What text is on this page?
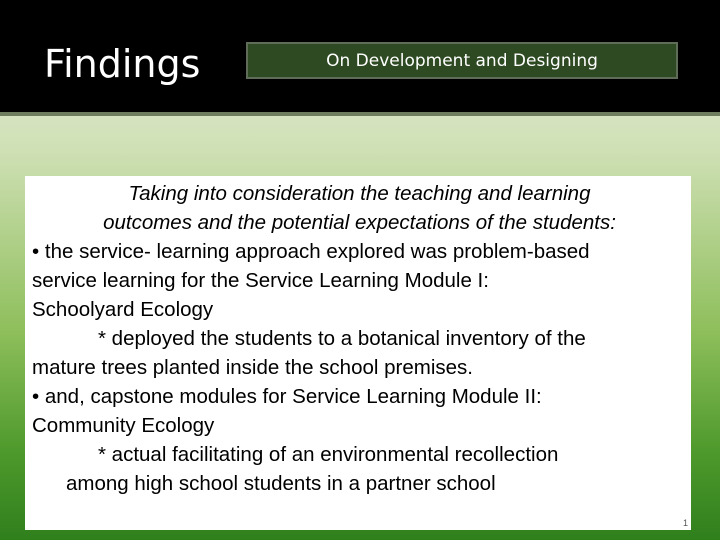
Findings	On Development and Designing
Taking into consideration the teaching and learning
outcomes and the potential expectations of the students:
• the service- learning approach explored was problem-based
service learning for the Service Learning Module I:
Schoolyard Ecology
* deployed the students to a botanical inventory of the
mature trees planted inside the school premises.
• and, capstone modules for Service Learning Module II:
Community Ecology
* actual facilitating of an environmental recollection
among high school students in a partner school
1
